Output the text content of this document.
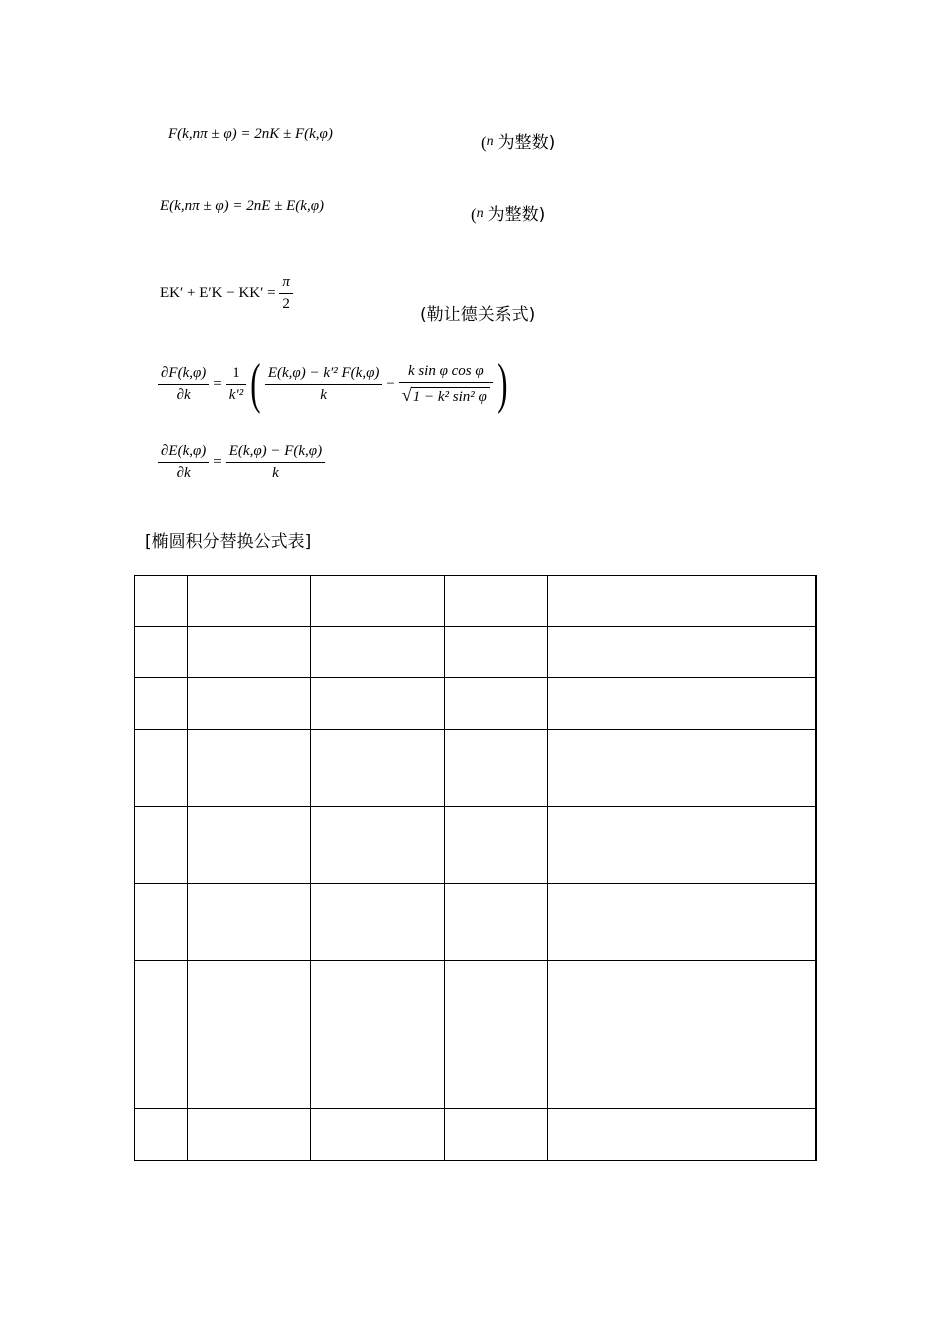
F(k,nπ ± φ) = 2nK ± F(k,φ)	(n 为整数)
E(k,nπ ± φ) = 2nE ± E(k,φ)	(n 为整数)
$EK' + E'K - KK' = \frac{\pi}{2}$
(勒让德关系式)
$\frac{\partial F(k,\varphi)}{\partial k} = \frac{1}{\text{k′²}}$ ( $\frac{\text{E(k,φ) − k′² F(k,φ)}}{k} - \frac{\text{k sin φ cos φ}}{\text{√1 − k² sin² φ}}$ )
$\frac{\partial E(k,\varphi)}{\partial k} = \frac{E(k,\varphi) - F(k,\varphi)}{k}$
[椭圆积分替换公式表]
